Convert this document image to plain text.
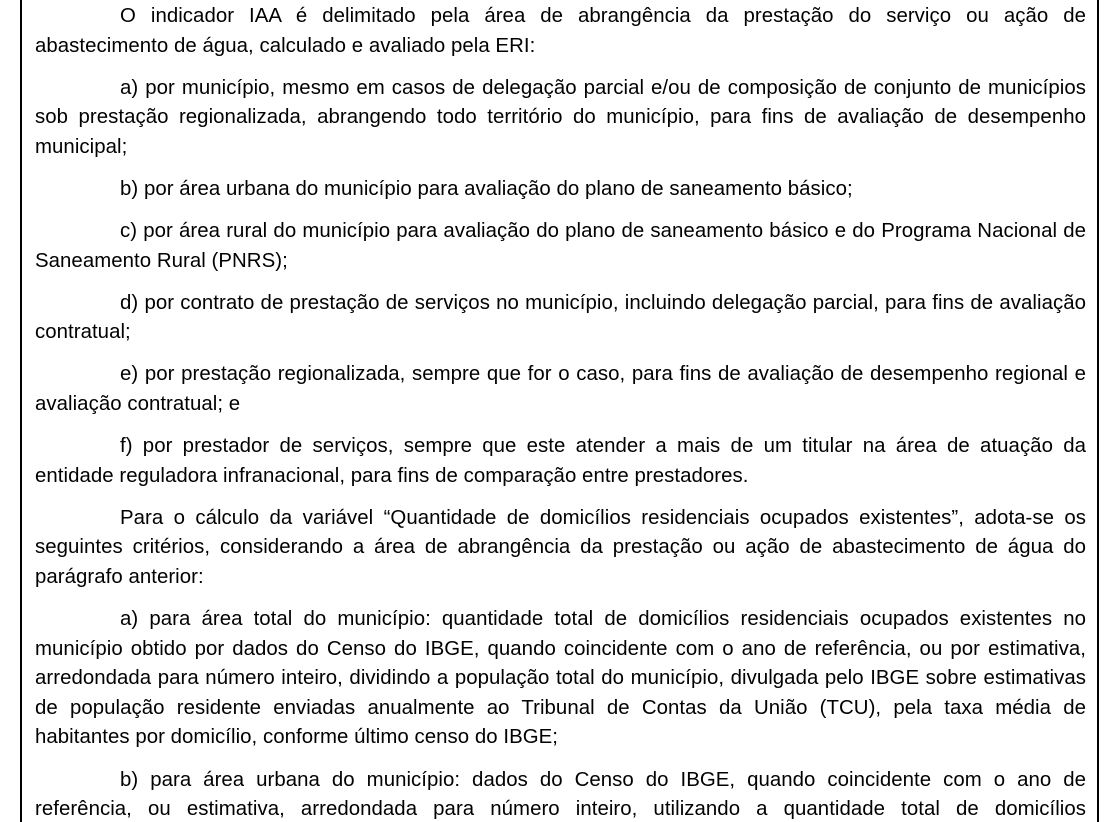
O indicador IAA é delimitado pela área de abrangência da prestação do serviço ou ação de abastecimento de água, calculado e avaliado pela ERI:

a) por município, mesmo em casos de delegação parcial e/ou de composição de conjunto de municípios sob prestação regionalizada, abrangendo todo território do município, para fins de avaliação de desempenho municipal;

b) por área urbana do município para avaliação do plano de saneamento básico;

c) por área rural do município para avaliação do plano de saneamento básico e do Programa Nacional de Saneamento Rural (PNRS);

d) por contrato de prestação de serviços no município, incluindo delegação parcial, para fins de avaliação contratual;

e) por prestação regionalizada, sempre que for o caso, para fins de avaliação de desempenho regional e avaliação contratual; e

f) por prestador de serviços, sempre que este atender a mais de um titular na área de atuação da entidade reguladora infranacional, para fins de comparação entre prestadores.

Para o cálculo da variável “Quantidade de domicílios residenciais ocupados existentes”, adota-se os seguintes critérios, considerando a área de abrangência da prestação ou ação de abastecimento de água do parágrafo anterior:

a) para área total do município: quantidade total de domicílios residenciais ocupados existentes no município obtido por dados do Censo do IBGE, quando coincidente com o ano de referência, ou por estimativa, arredondada para número inteiro, dividindo a população total do município, divulgada pelo IBGE sobre estimativas de população residente enviadas anualmente ao Tribunal de Contas da União (TCU), pela taxa média de habitantes por domicílio, conforme último censo do IBGE;

b) para área urbana do município: dados do Censo do IBGE, quando coincidente com o ano de referência, ou estimativa, arredondada para número inteiro, utilizando a quantidade total de domicílios
